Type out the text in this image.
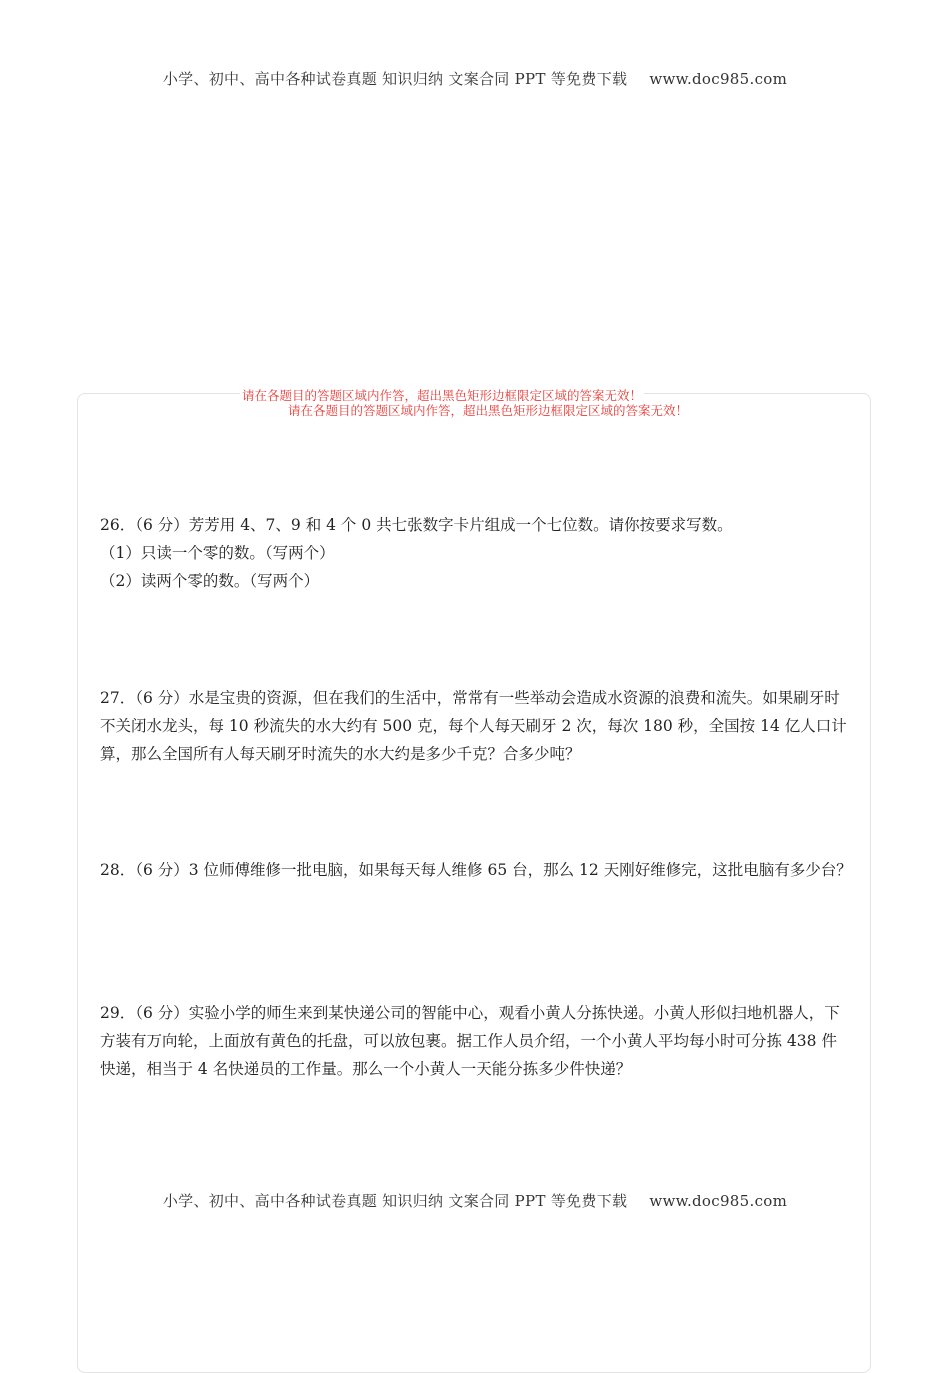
小学、初中、高中各种试卷真题 知识归纳 文案合同 PPT 等免费下载 www.doc985.com
请在各题目的答题区域内作答，超出黑色矩形边框限定区域的答案无效！
请在各题目的答题区域内作答，超出黑色矩形边框限定区域的答案无效！

26．（6 分）芳芳用 4、7、9 和 4 个 0 共七张数字卡片组成一个七位数。请你按要求写数。

（1）只读一个零的数。（写两个）

（2）读两个零的数。（写两个）

27．（6 分）水是宝贵的资源，但在我们的生活中，常常有一些举动会造成水资源的浪费和流失。如果刷牙时不关闭水龙头，每 10 秒流失的水大约有 500 克，每个人每天刷牙 2 次，每次 180 秒，全国按 14 亿人口计算，那么全国所有人每天刷牙时流失的水大约是多少千克？合多少吨？

28．（6 分）3 位师傅维修一批电脑，如果每天每人维修 65 台，那么 12 天刚好维修完，这批电脑有多少台？

29．（6 分）实验小学的师生来到某快递公司的智能中心，观看小黄人分拣快递。小黄人形似扫地机器人，下方装有万向轮，上面放有黄色的托盘，可以放包裹。据工作人员介绍，一个小黄人平均每小时可分拣 438 件快递，相当于 4 名快递员的工作量。那么一个小黄人一天能分拣多少件快递？

小学、初中、高中各种试卷真题 知识归纳 文案合同 PPT 等免费下载 www.doc985.com
